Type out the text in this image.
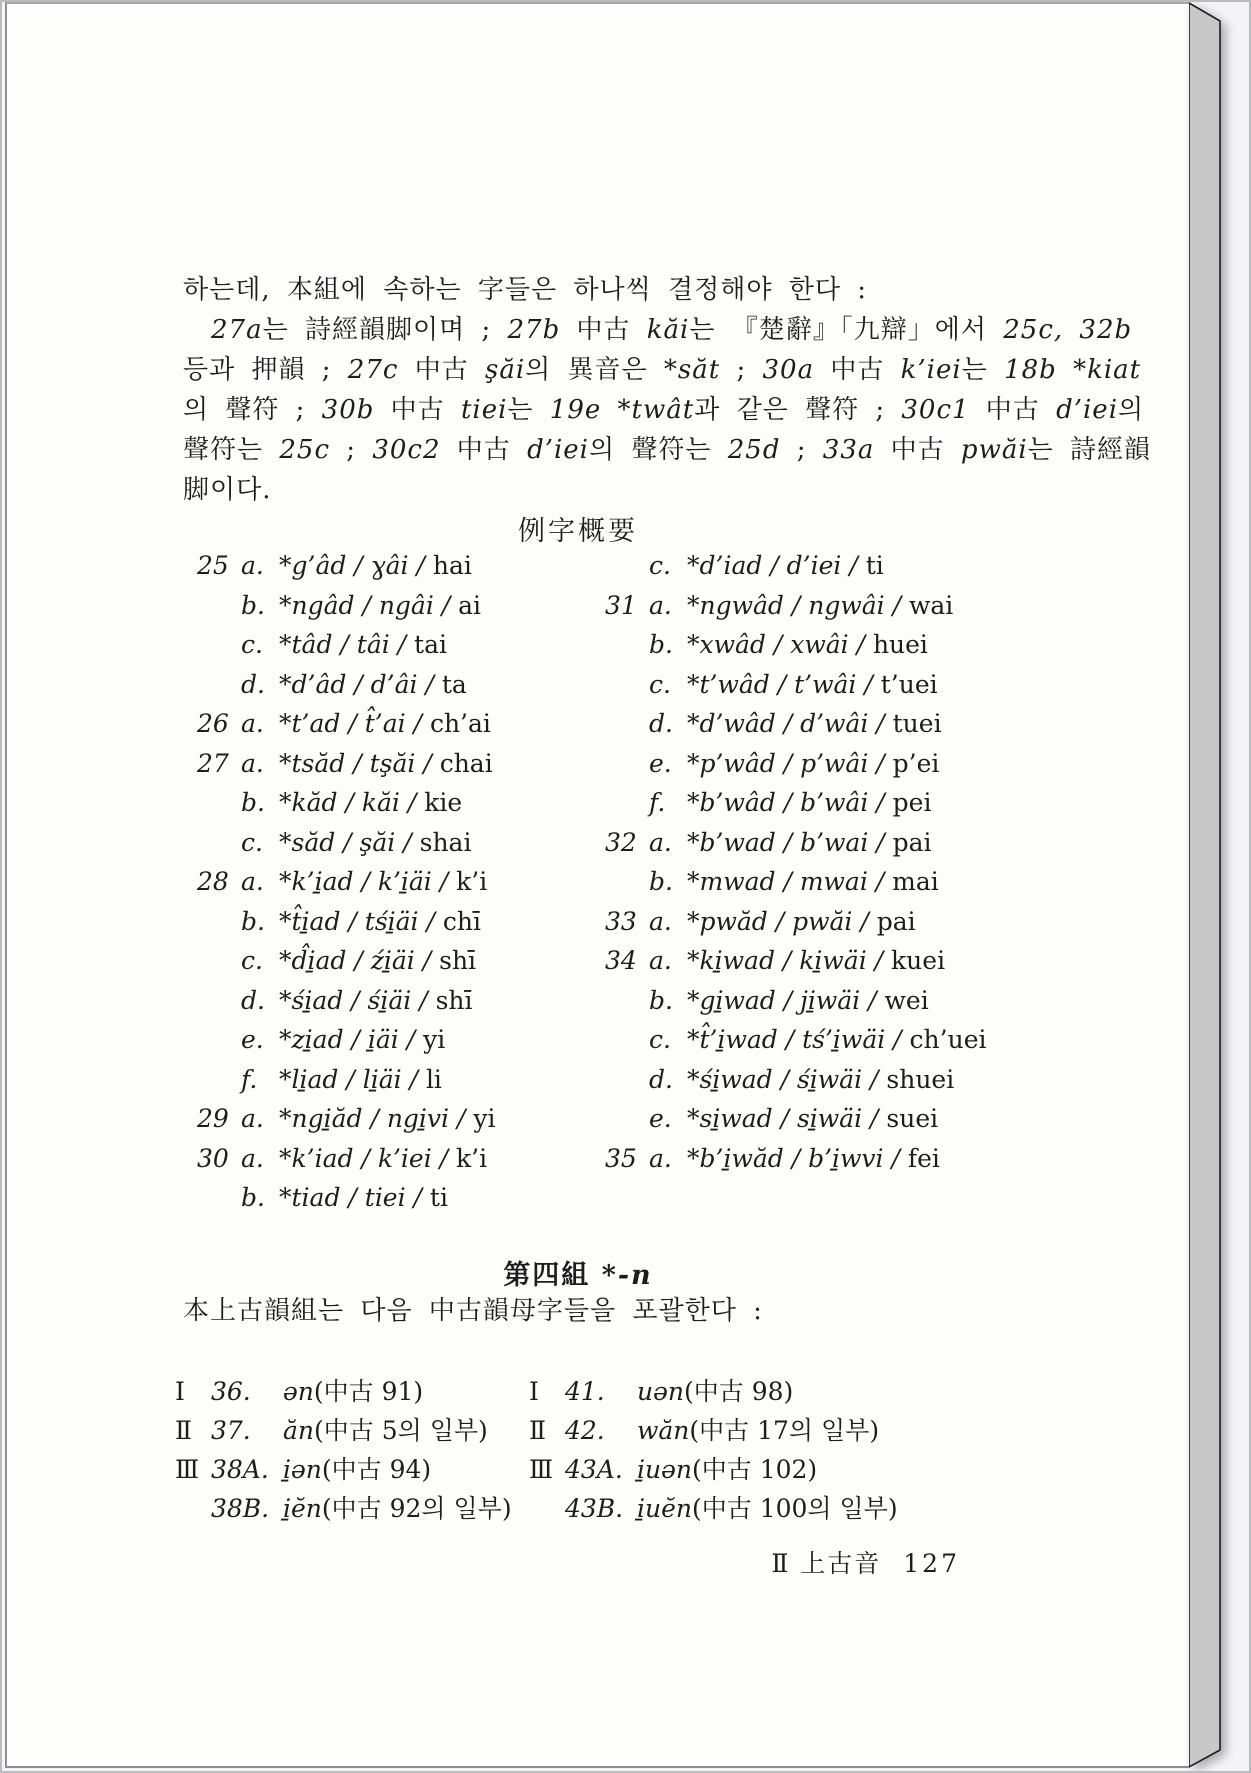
하는데, 本組에 속하는 字들은 하나씩 결정해야 한다 :
27a는 詩經韻脚이며 ; 27b 中古 kăi는 『楚辭』「九辯」에서 25c, 32b
등과 押韻 ; 27c 中古 şăi의 異音은 *săt ; 30a 中古 k’iei는 18b *kiat
의 聲符 ; 30b 中古 tiei는 19e *twât과 같은 聲符 ; 30c1 中古 d’iei의
聲符는 25c ; 30c2 中古 d’iei의 聲符는 25d ; 33a 中古 pwăi는 詩經韻
脚이다.
例字概要
25 a. *g’âd / ɣâi / hai
b. *ngâd / ngâi / ai
c. *tâd / tâi / tai
d. *d’âd / d’âi / ta
26 a. *t’ad / t̂’ai / ch’ai
27 a. *tsăd / tşăi / chai
b. *kăd / kăi / kie
c. *săd / şăi / shai
28 a. *k’i̱ad / k’i̱äi / k’i
b. *t̂i̱ad / tśi̱äi / chī
c. *d̂i̱ad / źi̱äi / shī
d. *śi̱ad / śi̱äi / shī
e. *zi̱ad / i̱äi / yi
f. *li̱ad / li̱äi / li
29 a. *ngi̱ăd / ngi̱vi / yi
30 a. *k’iad / k’iei / k’i
b. *tiad / tiei / ti
c. *d’iad / d’iei / ti
31 a. *ngwâd / ngwâi / wai
b. *xwâd / xwâi / huei
c. *t’wâd / t’wâi / t’uei
d. *d’wâd / d’wâi / tuei
e. *p’wâd / p’wâi / p’ei
f. *b’wâd / b’wâi / pei
32 a. *b’wad / b’wai / pai
b. *mwad / mwai / mai
33 a. *pwăd / pwăi / pai
34 a. *ki̱wad / ki̱wäi / kuei
b. *gi̱wad / ji̱wäi / wei
c. *t̂’i̱wad / tś’i̱wäi / ch’uei
d. *śi̱wad / śi̱wäi / shuei
e. *si̱wad / si̱wäi / suei
35 a. *b’i̱wăd / b’i̱wvi / fei
第四組 *-n
本上古韻組는 다음 中古韻母字들을 포괄한다 :
Ⅰ	36.	ən(中古 91)
Ⅱ 37.	ăn(中古 5의 일부)
Ⅲ 38A. i̱ən(中古 94)
38B. i̱ĕn(中古 92의 일부)
Ⅰ	41.	uən(中古 98)
Ⅱ 42.	wăn(中古 17의 일부)
Ⅲ 43A. i̱uən(中古 102)
43B. i̱uĕn(中古 100의 일부)
Ⅱ 上古音 127
